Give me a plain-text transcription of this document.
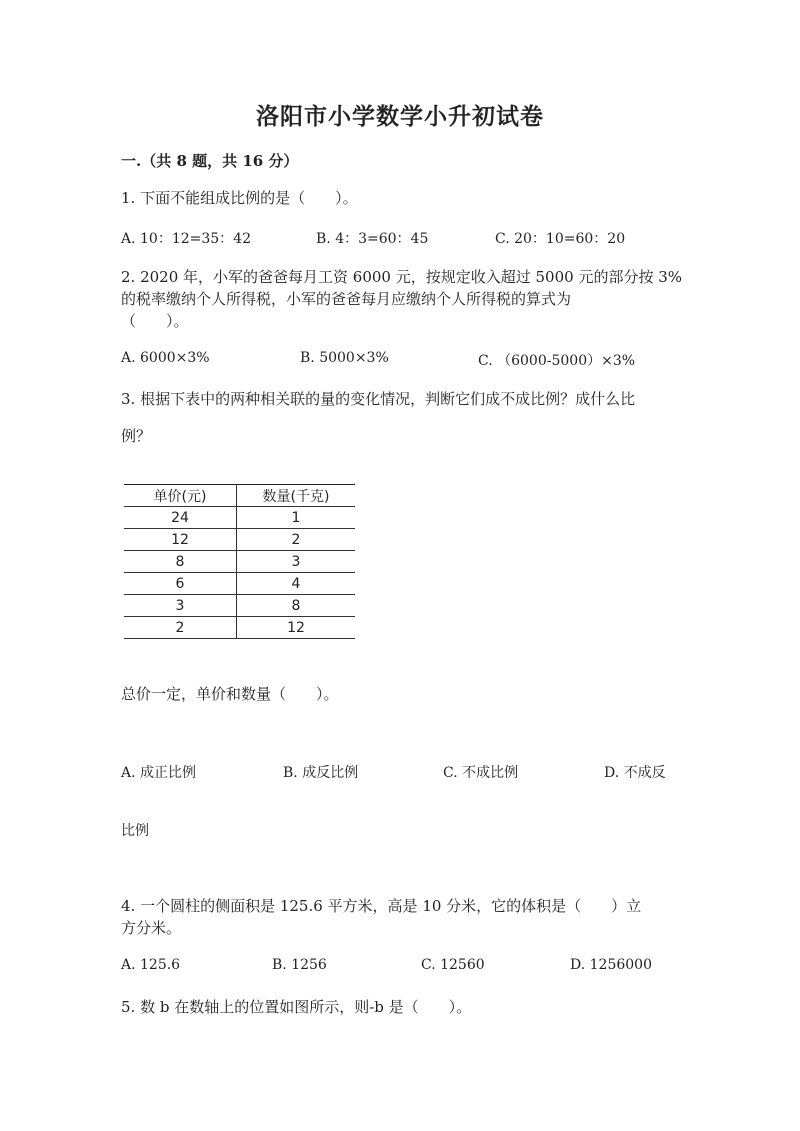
洛阳市小学数学小升初试卷
一.（共 8 题，共 16 分）
1. 下面不能组成比例的是（　　）。
A. 10：12=35：42	B. 4：3=60：45	C. 20：10=60：20
2. 2020 年，小军的爸爸每月工资 6000 元，按规定收入超过 5000 元的部分按 3%
的税率缴纳个人所得税，小军的爸爸每月应缴纳个人所得税的算式为
（　　）。
A. 6000×3%	B. 5000×3%	C. （6000-5000）×3%
3. 根据下表中的两种相关联的量的变化情况，判断它们成不成比例？成什么比
例？
单价(元)	数量(千克)
24	1
12	2
8	3
6	4
3	8
2	12
总价一定，单价和数量（　　）。
A. 成正比例	B. 成反比例	C. 不成比例	D. 不成反
比例
4. 一个圆柱的侧面积是 125.6 平方米，高是 10 分米，它的体积是（　　）立
方分米。
A. 125.6	B. 1256	C. 12560	D. 1256000
5. 数 b 在数轴上的位置如图所示，则-b 是（　　）。
